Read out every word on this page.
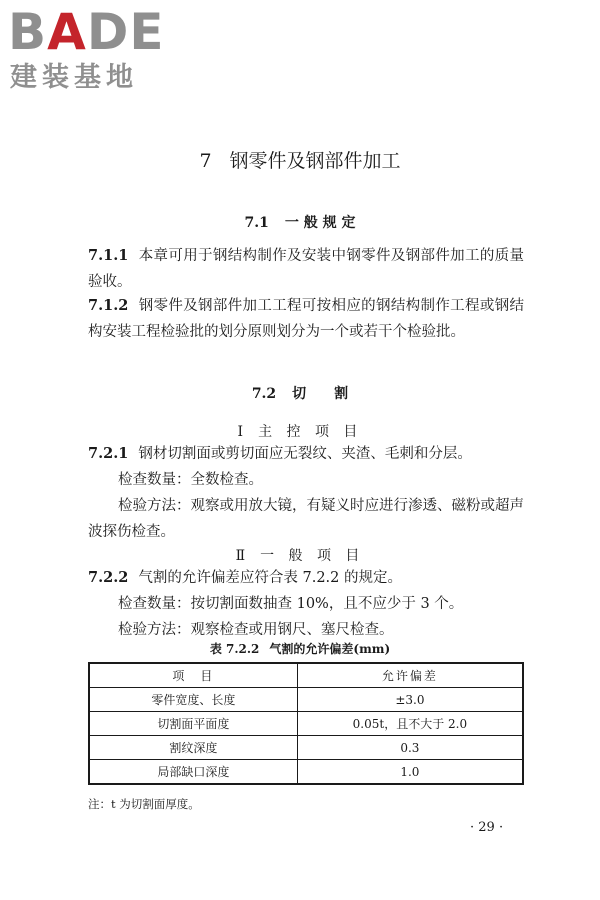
BADE
建装基地
7 钢零件及钢部件加工
7.1 一 般 规 定
7.1.1 本章可用于钢结构制作及安装中钢零件及钢部件加工的质量验收。
7.1.2 钢零件及钢部件加工工程可按相应的钢结构制作工程或钢结构安装工程检验批的划分原则划分为一个或若干个检验批。
7.2 切　　割
Ⅰ 主 控 项 目
7.2.1 钢材切割面或剪切面应无裂纹、夹渣、毛刺和分层。
检查数量：全数检查。
检验方法：观察或用放大镜，有疑义时应进行渗透、磁粉或超声波探伤检查。
Ⅱ 一 般 项 目
7.2.2 气割的允许偏差应符合表 7.2.2 的规定。
检查数量：按切割面数抽查 10%，且不应少于 3 个。
检验方法：观察检查或用钢尺、塞尺检查。
表 7.2.2 气割的允许偏差(mm)
项　目	允许偏差
零件宽度、长度	±3.0
切割面平面度	0.05t，且不大于 2.0
割纹深度	0.3
局部缺口深度	1.0
注：t 为切割面厚度。
· 29 ·
